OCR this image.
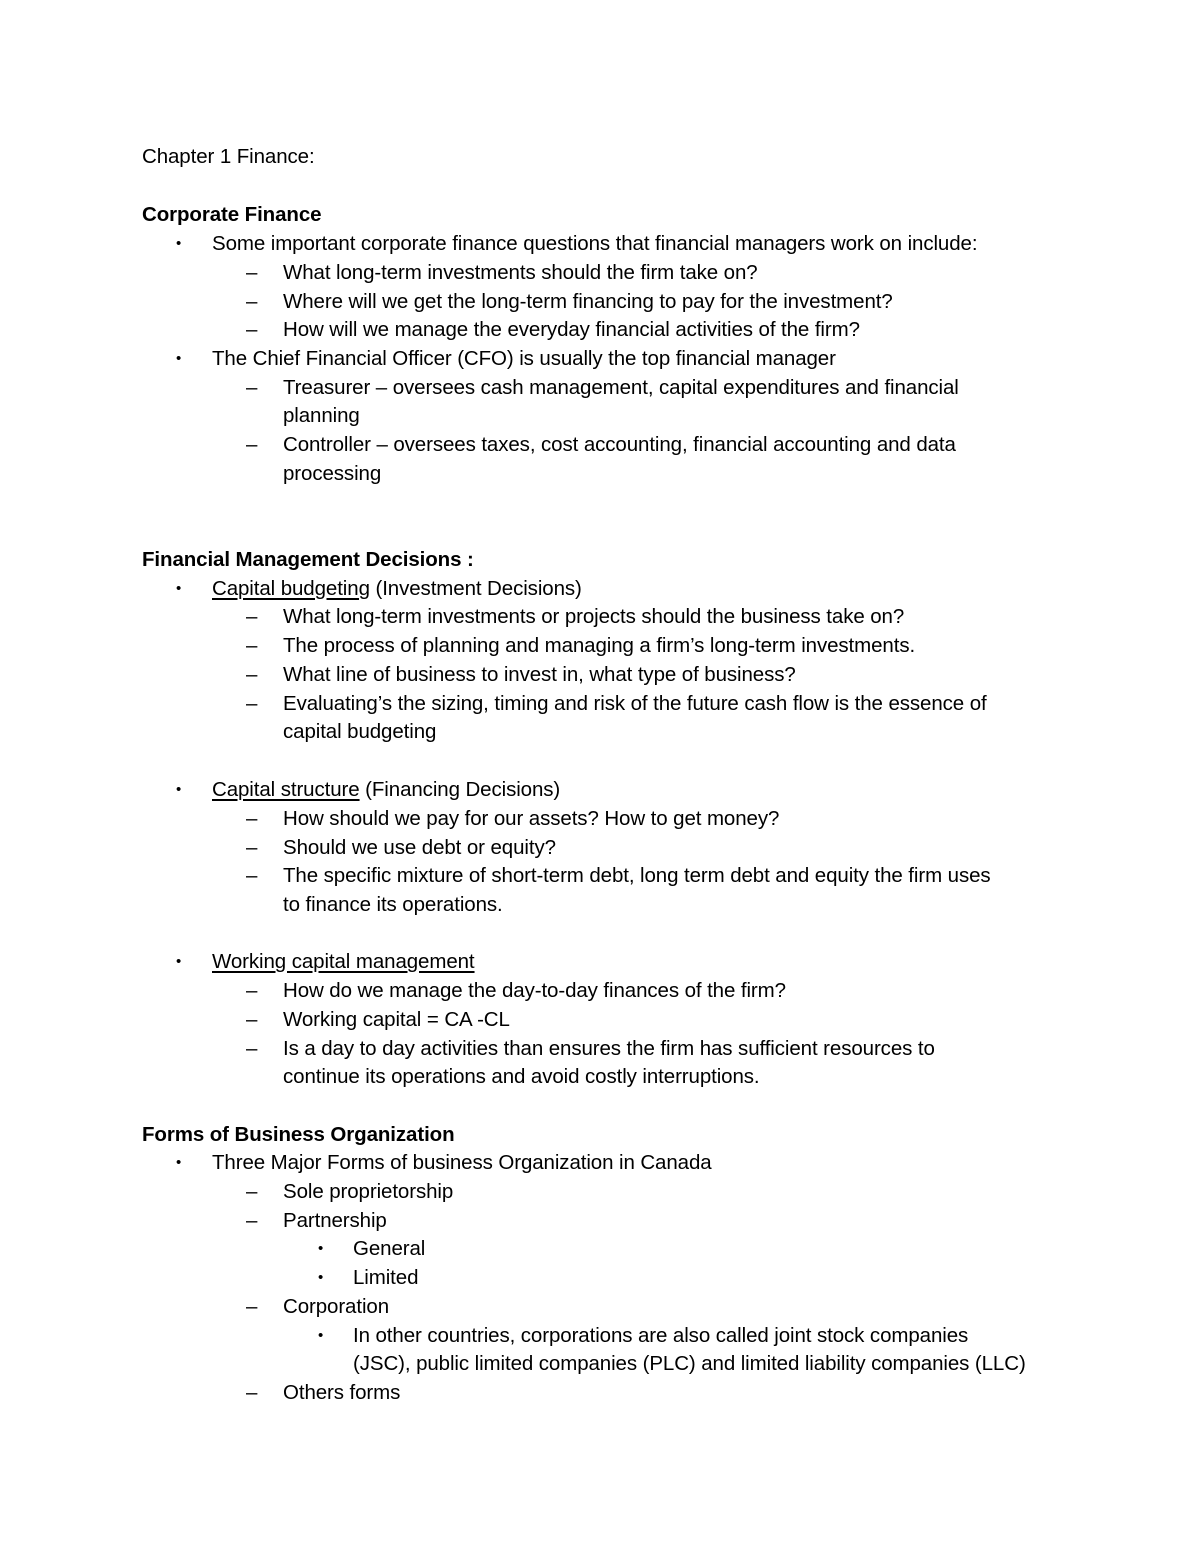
Chapter 1 Finance:
Corporate Finance
• Some important corporate finance questions that financial managers work on include:
– What long-term investments should the firm take on?
– Where will we get the long-term financing to pay for the investment?
– How will we manage the everyday financial activities of the firm?
• The Chief Financial Officer (CFO) is usually the top financial manager
– Treasurer – oversees cash management, capital expenditures and financial
planning
– Controller – oversees taxes, cost accounting, financial accounting and data
processing
Financial Management Decisions :
• Capital budgeting (Investment Decisions)
– What long-term investments or projects should the business take on?
– The process of planning and managing a firm’s long-term investments.
– What line of business to invest in, what type of business?
– Evaluating’s the sizing, timing and risk of the future cash flow is the essence of
capital budgeting
• Capital structure (Financing Decisions)
– How should we pay for our assets? How to get money?
– Should we use debt or equity?
– The specific mixture of short-term debt, long term debt and equity the firm uses
to finance its operations.
• Working capital management
– How do we manage the day-to-day finances of the firm?
– Working capital = CA -CL
– Is a day to day activities than ensures the firm has sufficient resources to
continue its operations and avoid costly interruptions.
Forms of Business Organization
• Three Major Forms of business Organization in Canada
– Sole proprietorship
– Partnership
• General
• Limited
– Corporation
• In other countries, corporations are also called joint stock companies
(JSC), public limited companies (PLC) and limited liability companies (LLC)
– Others forms
